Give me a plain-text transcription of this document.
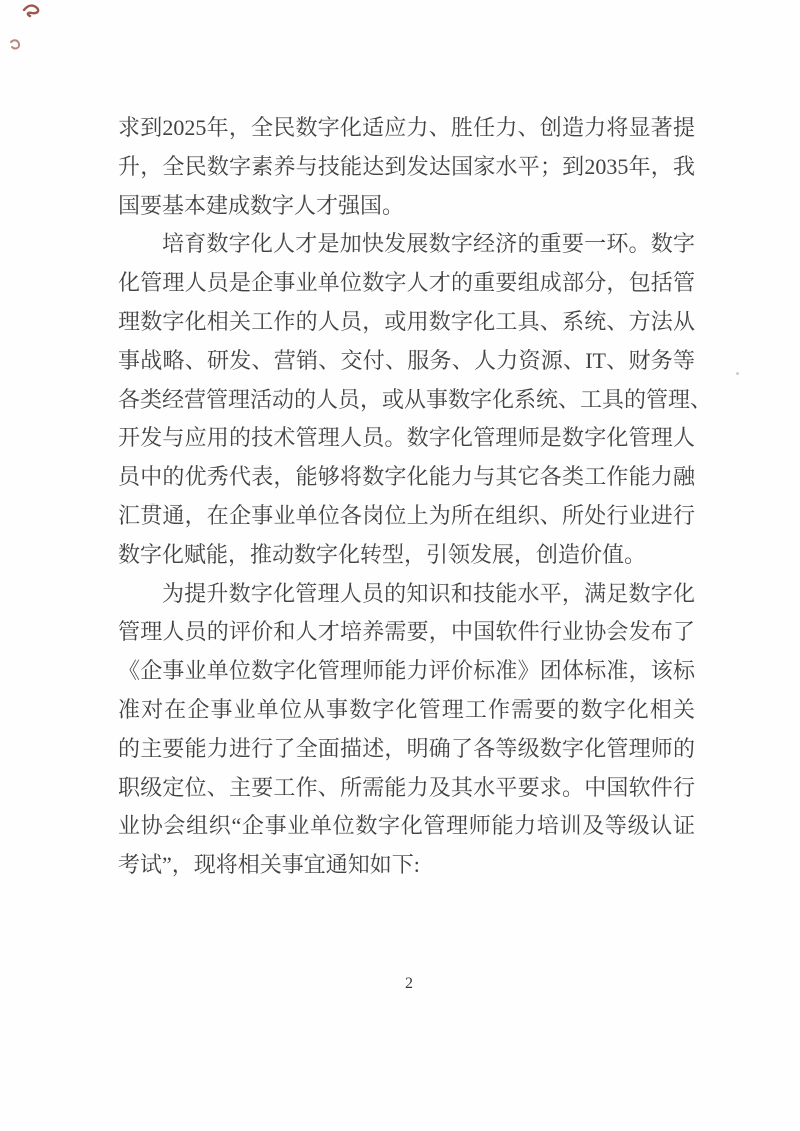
求到2025年，全民数字化适应力、胜任力、创造力将显著提
升，全民数字素养与技能达到发达国家水平；到2035年，我
国要基本建成数字人才强国。
培育数字化人才是加快发展数字经济的重要一环。数字
化管理人员是企事业单位数字人才的重要组成部分，包括管
理数字化相关工作的人员，或用数字化工具、系统、方法从
事战略、研发、营销、交付、服务、人力资源、IT、财务等
各类经营管理活动的人员，或从事数字化系统、工具的管理、
开发与应用的技术管理人员。数字化管理师是数字化管理人
员中的优秀代表，能够将数字化能力与其它各类工作能力融
汇贯通，在企事业单位各岗位上为所在组织、所处行业进行
数字化赋能，推动数字化转型，引领发展，创造价值。
为提升数字化管理人员的知识和技能水平，满足数字化
管理人员的评价和人才培养需要，中国软件行业协会发布了
《企事业单位数字化管理师能力评价标准》团体标准，该标
准对在企事业单位从事数字化管理工作需要的数字化相关
的主要能力进行了全面描述，明确了各等级数字化管理师的
职级定位、主要工作、所需能力及其水平要求。中国软件行
业协会组织“企事业单位数字化管理师能力培训及等级认证
考试”，现将相关事宜通知如下:
2
